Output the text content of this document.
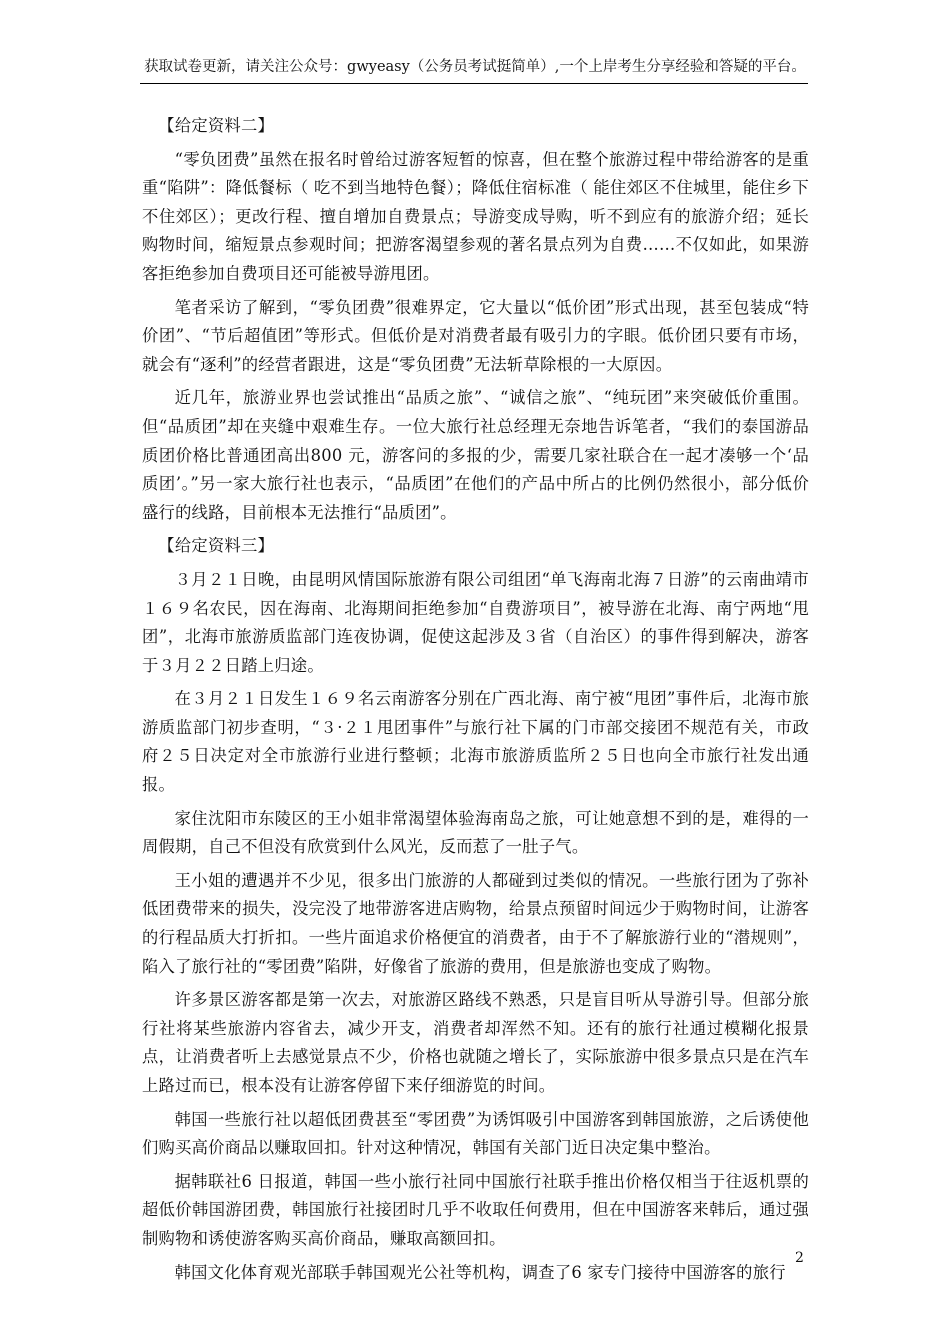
获取试卷更新，请关注公众号：gwyeasy（公务员考试挺简单）,一个上岸考生分享经验和答疑的平台。

【给定资料二】

“零负团费”虽然在报名时曾给过游客短暂的惊喜，但在整个旅游过程中带给游客的是重重“陷阱”：降低餐标（ 吃不到当地特色餐）；降低住宿标准（ 能住郊区不住城里，能住乡下不住郊区）；更改行程、擅自增加自费景点；导游变成导购，听不到应有的旅游介绍；延长购物时间，缩短景点参观时间；把游客渴望参观的著名景点列为自费……不仅如此，如果游客拒绝参加自费项目还可能被导游甩团。

笔者采访了解到，“零负团费”很难界定，它大量以“低价团”形式出现，甚至包装成“特价团”、“节后超值团”等形式。但低价是对消费者最有吸引力的字眼。低价团只要有市场，就会有“逐利”的经营者跟进，这是“零负团费”无法斩草除根的一大原因。

近几年，旅游业界也尝试推出“品质之旅”、“诚信之旅”、“纯玩团”来突破低价重围。但“品质团”却在夹缝中艰难生存。一位大旅行社总经理无奈地告诉笔者，“我们的泰国游品质团价格比普通团高出800 元，游客问的多报的少，需要几家社联合在一起才凑够一个‘品质团’。”另一家大旅行社也表示，“品质团”在他们的产品中所占的比例仍然很小，部分低价盛行的线路，目前根本无法推行“品质团”。

【给定资料三】

３月２１日晚，由昆明风情国际旅游有限公司组团“单飞海南北海７日游”的云南曲靖市１６９名农民，因在海南、北海期间拒绝参加“自费游项目”，被导游在北海、南宁两地“甩团”，北海市旅游质监部门连夜协调，促使这起涉及３省（自治区）的事件得到解决，游客于３月２２日踏上归途。

在３月２１日发生１６９名云南游客分别在广西北海、南宁被“甩团”事件后，北海市旅游质监部门初步查明，“３·２１甩团事件”与旅行社下属的门市部交接团不规范有关，市政府２５日决定对全市旅游行业进行整顿；北海市旅游质监所２５日也向全市旅行社发出通报。

家住沈阳市东陵区的王小姐非常渴望体验海南岛之旅，可让她意想不到的是，难得的一周假期，自己不但没有欣赏到什么风光，反而惹了一肚子气。

王小姐的遭遇并不少见，很多出门旅游的人都碰到过类似的情况。一些旅行团为了弥补低团费带来的损失，没完没了地带游客进店购物，给景点预留时间远少于购物时间，让游客的行程品质大打折扣。一些片面追求价格便宜的消费者，由于不了解旅游行业的“潜规则”，陷入了旅行社的“零团费”陷阱，好像省了旅游的费用，但是旅游也变成了购物。

许多景区游客都是第一次去，对旅游区路线不熟悉，只是盲目听从导游引导。但部分旅行社将某些旅游内容省去，减少开支，消费者却浑然不知。还有的旅行社通过模糊化报景点，让消费者听上去感觉景点不少，价格也就随之增长了，实际旅游中很多景点只是在汽车上路过而已，根本没有让游客停留下来仔细游览的时间。

韩国一些旅行社以超低团费甚至“零团费”为诱饵吸引中国游客到韩国旅游，之后诱使他们购买高价商品以赚取回扣。针对这种情况，韩国有关部门近日决定集中整治。

据韩联社6 日报道，韩国一些小旅行社同中国旅行社联手推出价格仅相当于往返机票的超低价韩国游团费，韩国旅行社接团时几乎不收取任何费用，但在中国游客来韩后，通过强制购物和诱使游客购买高价商品，赚取高额回扣。

韩国文化体育观光部联手韩国观光公社等机构，调查了6 家专门接待中国游客的旅行

2
